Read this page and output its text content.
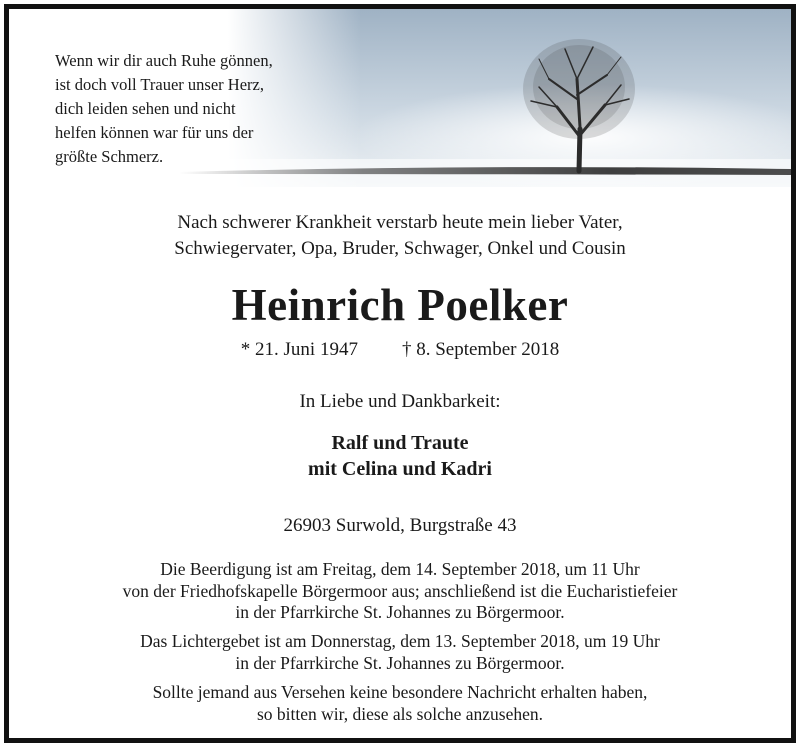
Wenn wir dir auch Ruhe gönnen,
ist doch voll Trauer unser Herz,
dich leiden sehen und nicht
helfen können war für uns der
größte Schmerz.

Nach schwerer Krankheit verstarb heute mein lieber Vater,
Schwiegervater, Opa, Bruder, Schwager, Onkel und Cousin
Heinrich Poelker
* 21. Juni 1947 † 8. September 2018
In Liebe und Dankbarkeit:
Ralf und Traute
mit Celina und Kadri
26903 Surwold, Burgstraße 43
Die Beerdigung ist am Freitag, dem 14. September 2018, um 11 Uhr
von der Friedhofskapelle Börgermoor aus; anschließend ist die Eucharistiefeier
in der Pfarrkirche St. Johannes zu Börgermoor.
Das Lichtergebet ist am Donnerstag, dem 13. September 2018, um 19 Uhr
in der Pfarrkirche St. Johannes zu Börgermoor.
Sollte jemand aus Versehen keine besondere Nachricht erhalten haben,
so bitten wir, diese als solche anzusehen.
